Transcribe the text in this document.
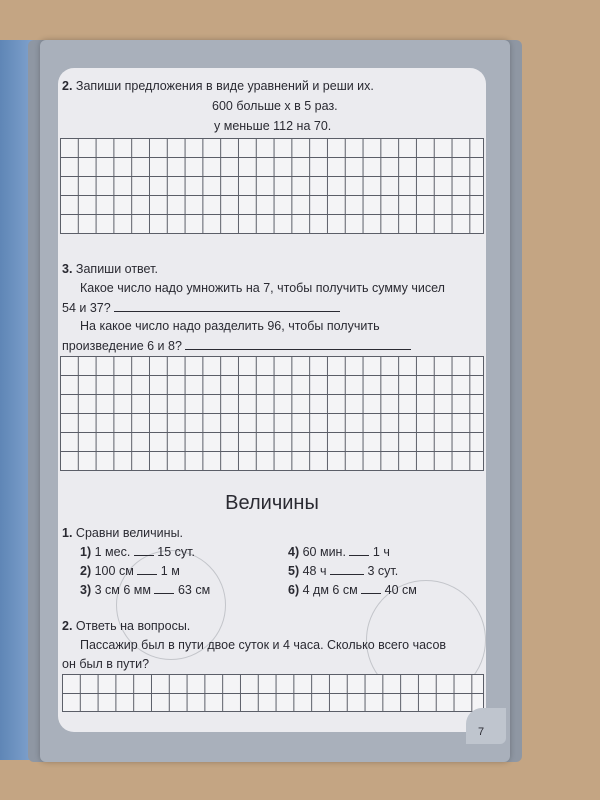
2. Запиши предложения в виде уравнений и реши их.
600 больше x в 5 раз.
y меньше 112 на 70.
3. Запиши ответ.
Какое число надо умножить на 7, чтобы получить сумму чисел
54 и 37?
На какое число надо разделить 96, чтобы получить
произведение 6 и 8?
Величины
1. Сравни величины.
1) 1 мес. 15 сут.
2) 100 см 1 м
3) 3 см 6 мм 63 см
4) 60 мин. 1 ч
5) 48 ч	3 сут.
6) 4 дм 6 см 40 см
2. Ответь на вопросы.
Пассажир был в пути двое суток и 4 часа. Сколько всего часов
он был в пути?
7
